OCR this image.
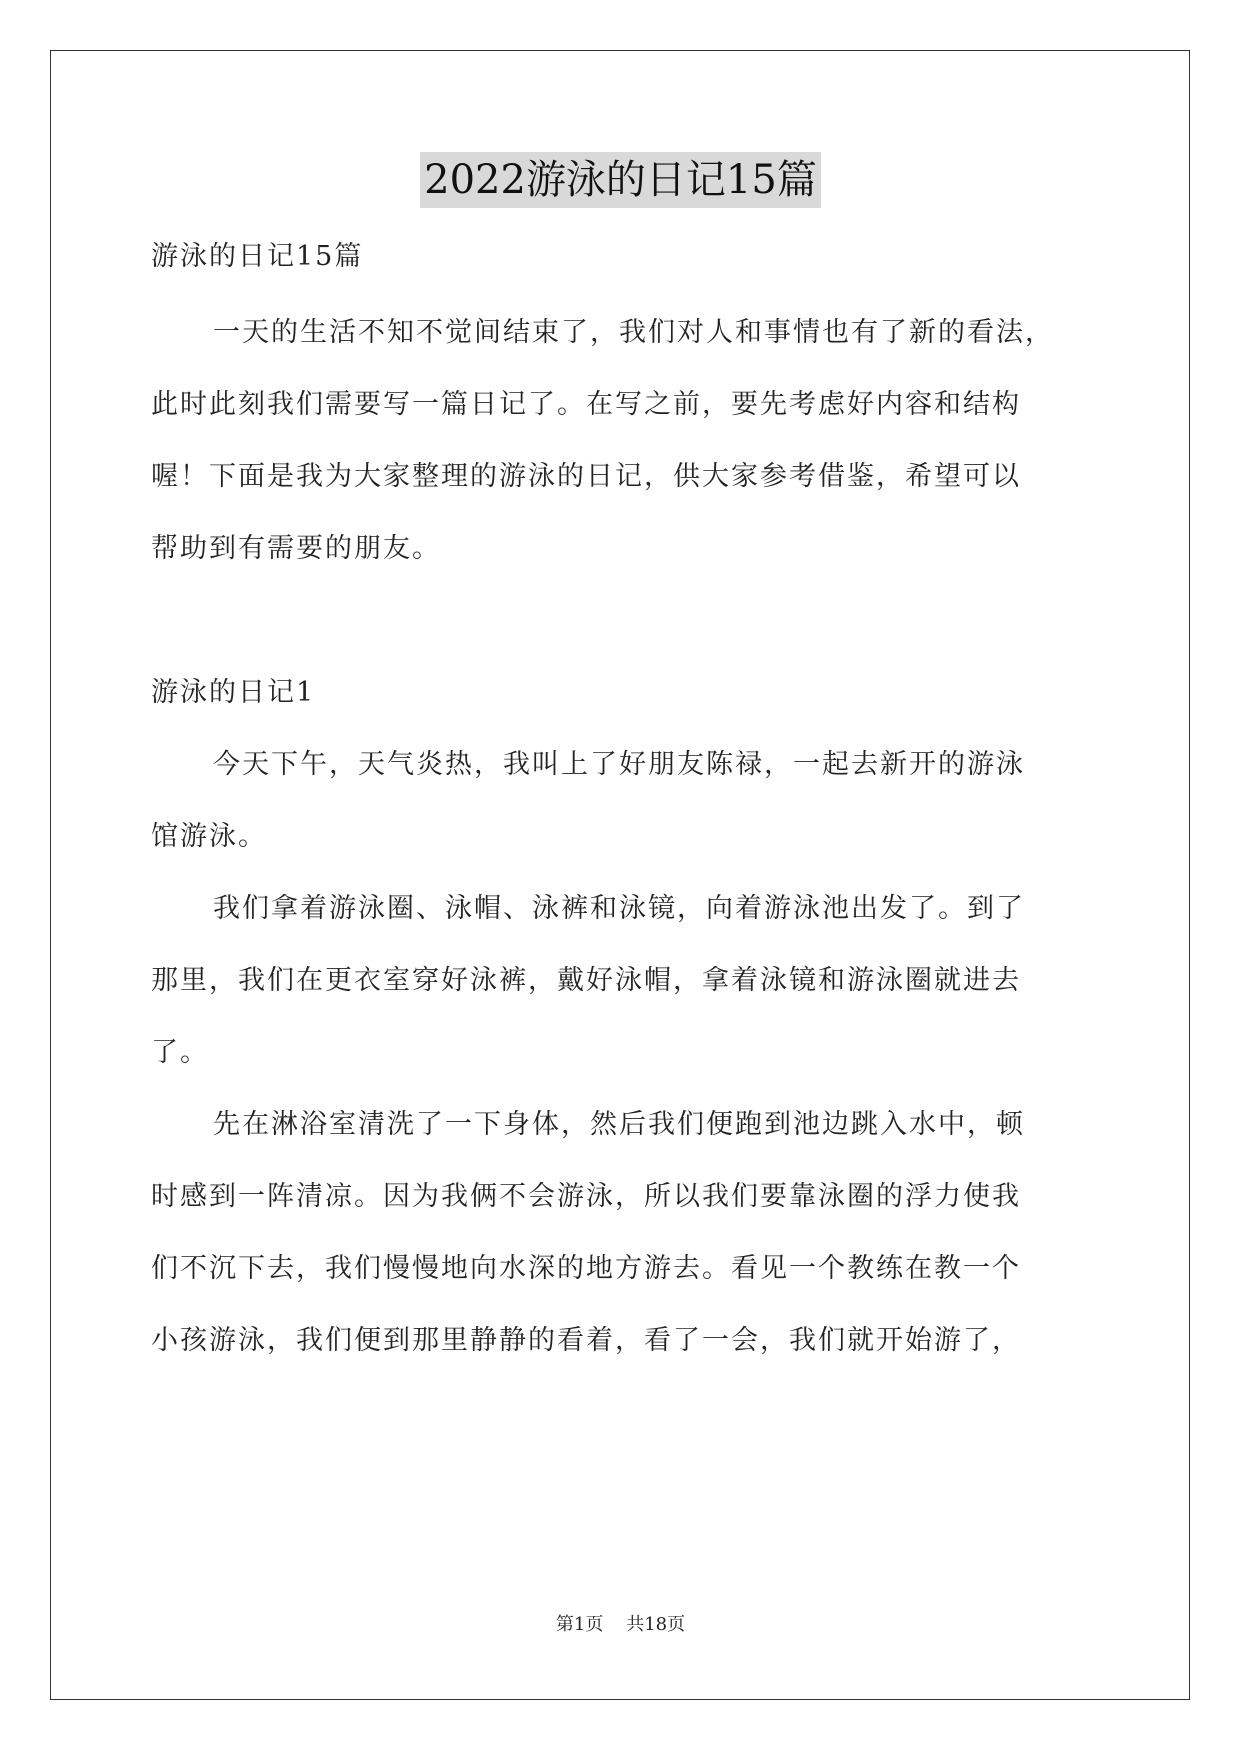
2022游泳的日记15篇
游泳的日记15篇
一天的生活不知不觉间结束了，我们对人和事情也有了新的看法，
此时此刻我们需要写一篇日记了。在写之前，要先考虑好内容和结构
喔！下面是我为大家整理的游泳的日记，供大家参考借鉴，希望可以
帮助到有需要的朋友。
游泳的日记1
今天下午，天气炎热，我叫上了好朋友陈禄，一起去新开的游泳
馆游泳。
我们拿着游泳圈、泳帽、泳裤和泳镜，向着游泳池出发了。到了
那里，我们在更衣室穿好泳裤，戴好泳帽，拿着泳镜和游泳圈就进去
了。
先在淋浴室清洗了一下身体，然后我们便跑到池边跳入水中，顿
时感到一阵清凉。因为我俩不会游泳，所以我们要靠泳圈的浮力使我
们不沉下去，我们慢慢地向水深的地方游去。看见一个教练在教一个
小孩游泳，我们便到那里静静的看着，看了一会，我们就开始游了，
第1页 共18页
